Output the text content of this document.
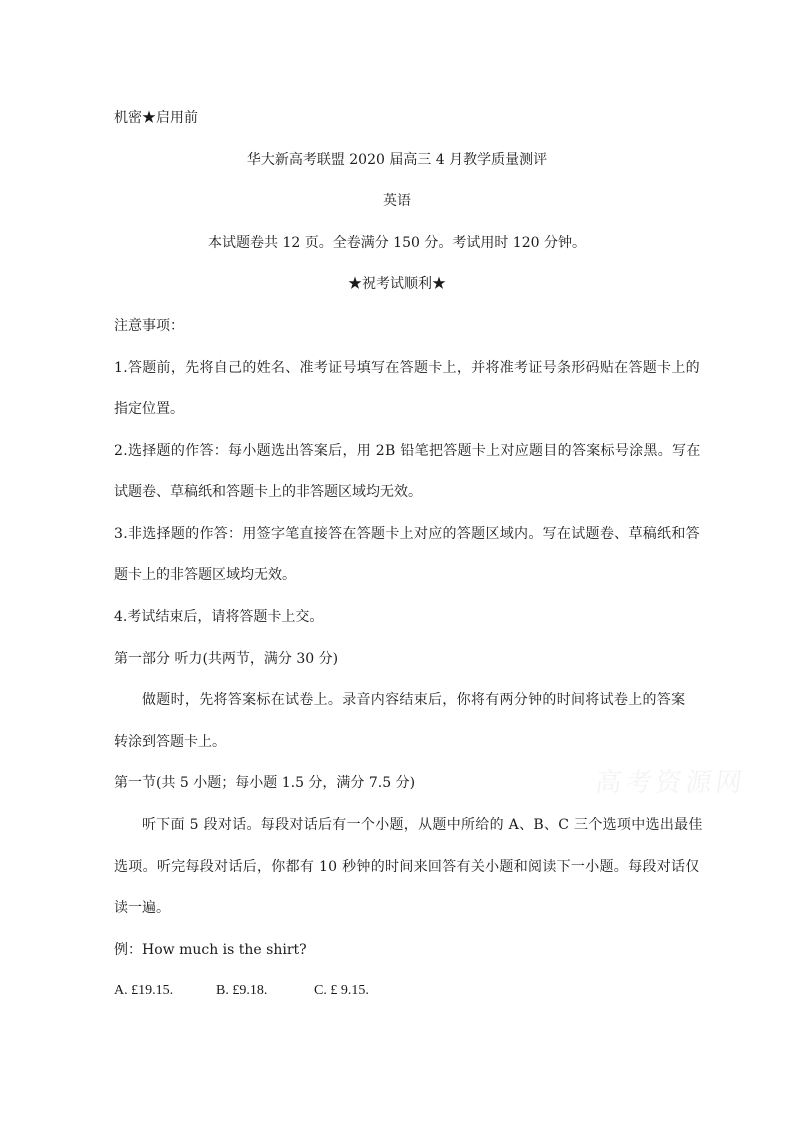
机密★启用前
华大新高考联盟 2020 届高三 4 月教学质量测评
英语
本试题卷共 12 页。全卷满分 150 分。考试用时 120 分钟。
★祝考试顺利★
注意事项：
1.答题前，先将自己的姓名、准考证号填写在答题卡上，并将准考证号条形码贴在答题卡上的
指定位置。
2.选择题的作答：每小题选出答案后，用 2B 铅笔把答题卡上对应题目的答案标号涂黑。写在
试题卷、草稿纸和答题卡上的非答题区域均无效。
3.非选择题的作答：用签字笔直接答在答题卡上对应的答题区域内。写在试题卷、草稿纸和答
题卡上的非答题区域均无效。
4.考试结束后，请将答题卡上交。
第一部分 听力(共两节，满分 30 分)
做题时，先将答案标在试卷上。录音内容结束后，你将有两分钟的时间将试卷上的答案
转涂到答题卡上。
第一节(共 5 小题；每小题 1.5 分，满分 7.5 分)	高考资源网
听下面 5 段对话。每段对话后有一个小题，从题中所给的 A、B、C 三个选项中选出最佳
选项。听完每段对话后，你都有 10 秒钟的时间来回答有关小题和阅读下一小题。每段对话仅
读一遍。
例：How much is the shirt?
A. £19.15.	B. £9.18.	C. £ 9.15.
